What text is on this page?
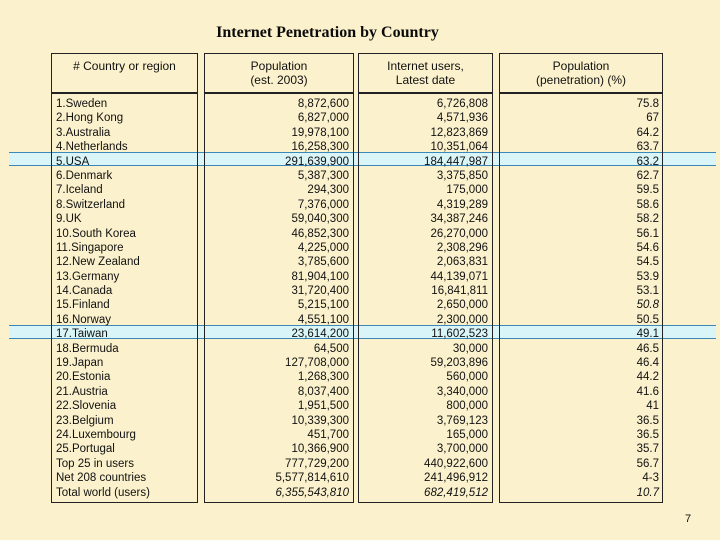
Internet Penetration by Country
# Country or region
1.Sweden
2.Hong Kong
3.Australia
4.Netherlands
5.USA
6.Denmark
7.Iceland
8.Switzerland
9.UK
10.South Korea
11.Singapore
12.New Zealand
13.Germany
14.Canada
15.Finland
16.Norway
17.Taiwan
18.Bermuda
19.Japan
20.Estonia
21.Austria
22.Slovenia
23.Belgium
24.Luxembourg
25.Portugal
Top 25 in users
Net 208 countries
Total world (users)
Population
(est. 2003)
8,872,600
6,827,000
19,978,100
16,258,300
291,639,900
5,387,300
294,300
7,376,000
59,040,300
46,852,300
4,225,000
3,785,600
81,904,100
31,720,400
5,215,100
4,551,100
23,614,200
64,500
127,708,000
1,268,300
8,037,400
1,951,500
10,339,300
451,700
10,366,900
777,729,200
5,577,814,610
6,355,543,810
Internet users,
Latest date
6,726,808
4,571,936
12,823,869
10,351,064
184,447,987
3,375,850
175,000
4,319,289
34,387,246
26,270,000
2,308,296
2,063,831
44,139,071
16,841,811
2,650,000
2,300,000
11,602,523
30,000
59,203,896
560,000
3,340,000
800,000
3,769,123
165,000
3,700,000
440,922,600
241,496,912
682,419,512
Population
(penetration) (%)
75.8
67
64.2
63.7
63.2
62.7
59.5
58.6
58.2
56.1
54.6
54.5
53.9
53.1
50.8
50.5
49.1
46.5
46.4
44.2
41.6
41
36.5
36.5
35.7
56.7
4-3
10.7
7
